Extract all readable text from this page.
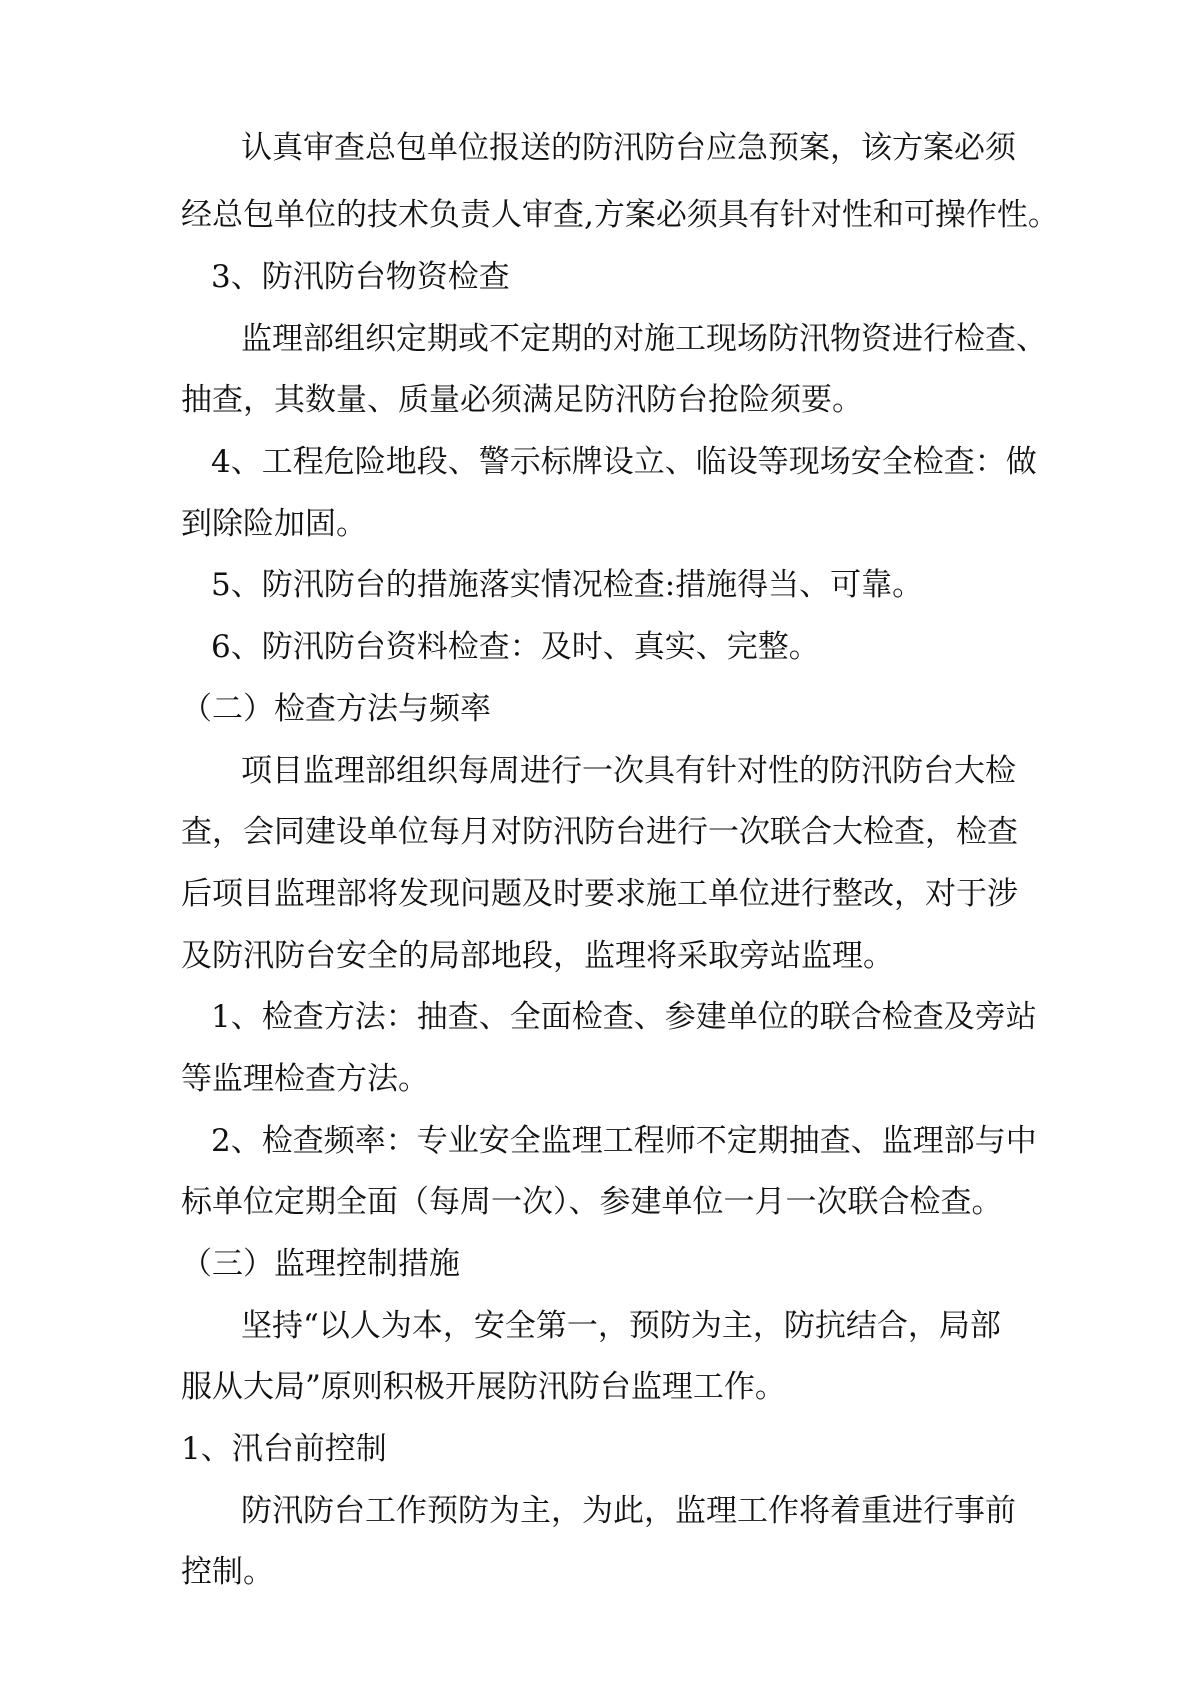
认真审查总包单位报送的防汛防台应急预案，该方案必须
经总包单位的技术负责人审查,方案必须具有针对性和可操作性。
3、防汛防台物资检查
监理部组织定期或不定期的对施工现场防汛物资进行检查、
抽查，其数量、质量必须满足防汛防台抢险须要。
4、工程危险地段、警示标牌设立、临设等现场安全检查：做
到除险加固。
5、防汛防台的措施落实情况检查:措施得当、可靠。
6、防汛防台资料检查：及时、真实、完整。
（二）检查方法与频率
项目监理部组织每周进行一次具有针对性的防汛防台大检
查，会同建设单位每月对防汛防台进行一次联合大检查，检查
后项目监理部将发现问题及时要求施工单位进行整改，对于涉
及防汛防台安全的局部地段，监理将采取旁站监理。
1、检查方法：抽查、全面检查、参建单位的联合检查及旁站
等监理检查方法。
2、检查频率：专业安全监理工程师不定期抽查、监理部与中
标单位定期全面（每周一次）、参建单位一月一次联合检查。
（三）监理控制措施
坚持“以人为本，安全第一，预防为主，防抗结合，局部
服从大局”原则积极开展防汛防台监理工作。
1、汛台前控制
防汛防台工作预防为主，为此，监理工作将着重进行事前
控制。
